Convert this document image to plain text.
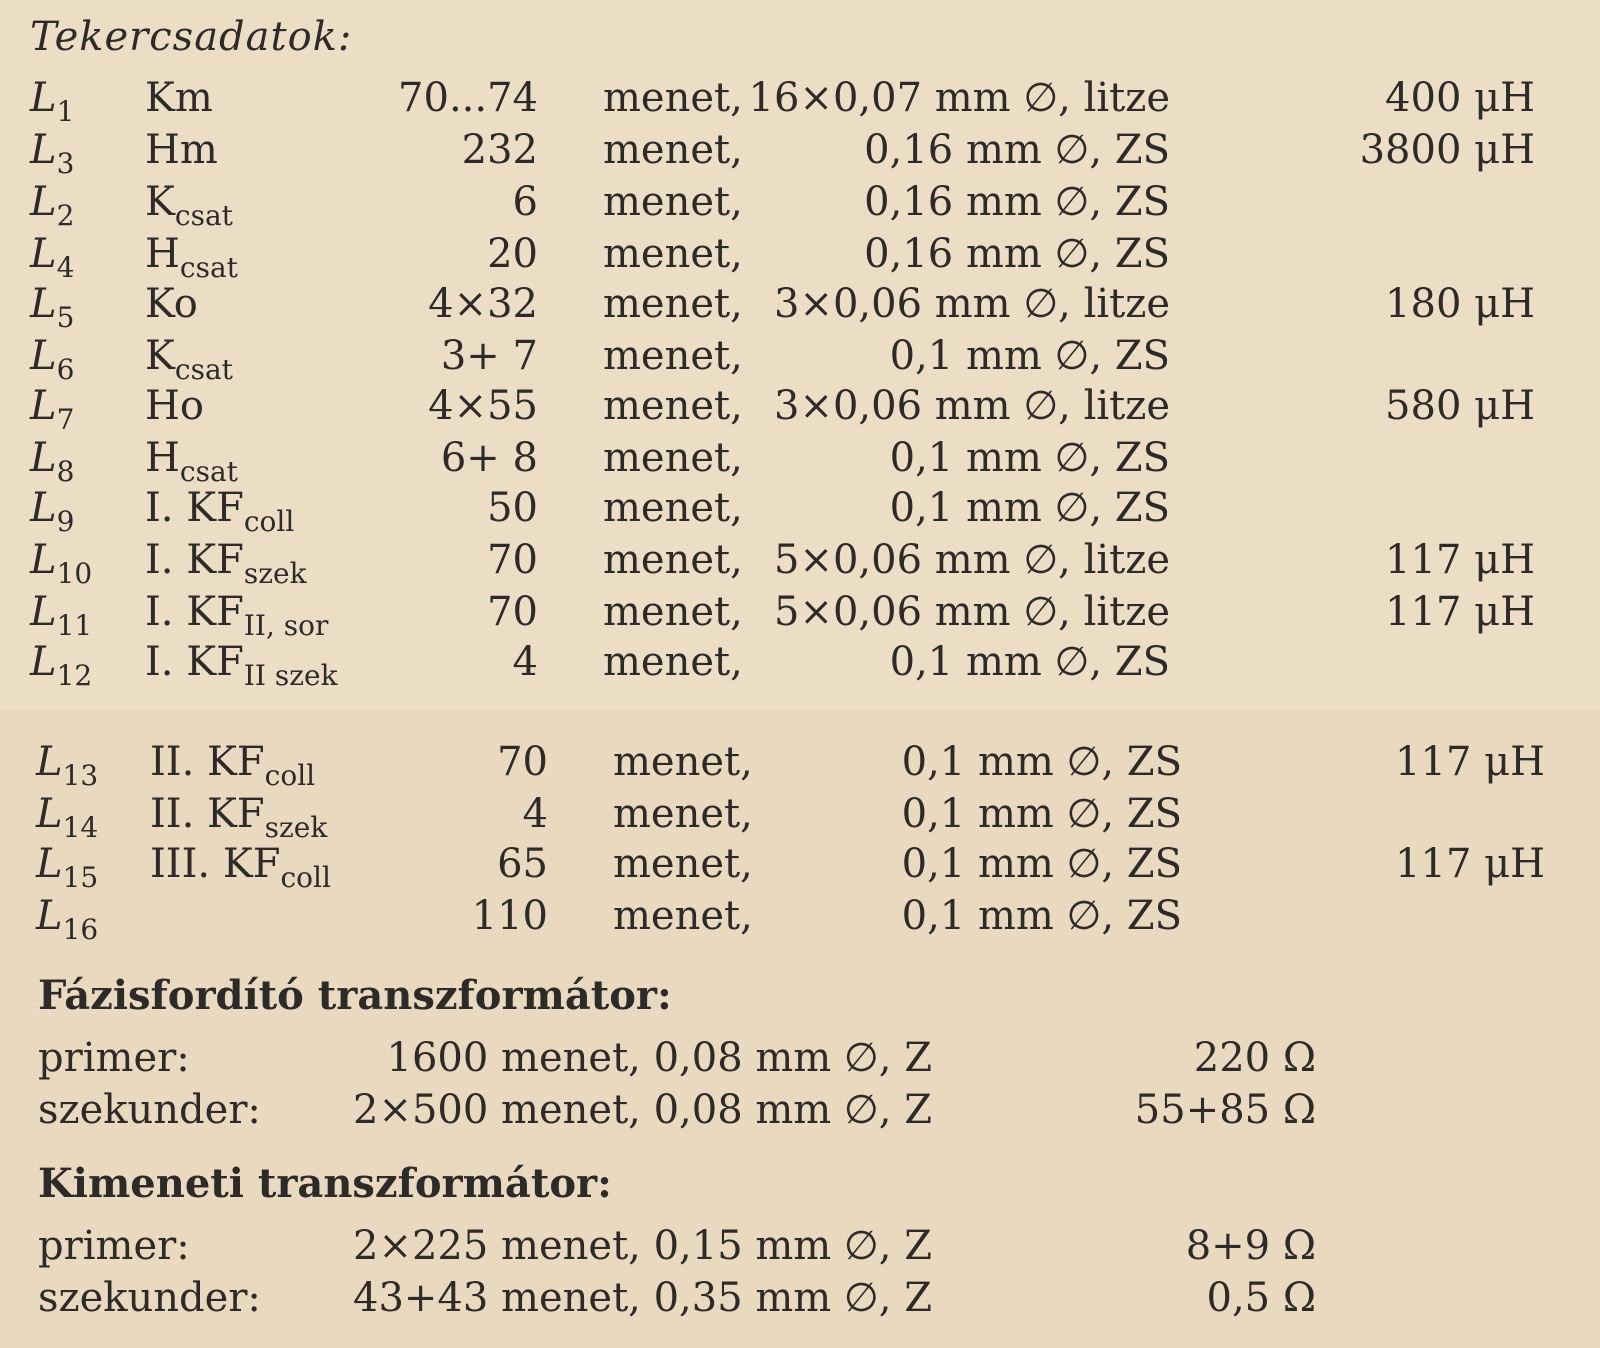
Tekercsadatok:
$L_1$ Km	70...74 menet, 16×0,07 mm ∅, litze	400 μH
$L_3$ Hm	232 menet,	0,16 mm ∅, ZS	3800 μH
$L_2$ $K_{csat}$	6 menet,	0,16 mm ∅, ZS
$L_4$ $H_{csat}$	20 menet,	0,16 mm ∅, ZS
$L_5$ Ko	4×32 menet, 3×0,06 mm ∅, litze	180 μH
$L_6$ $K_{csat}$	3+ 7 menet,	0,1 mm ∅, ZS
$L_7$ Ho	4×55 menet, 3×0,06 mm ∅, litze	580 μH
$L_8$ $H_{csat}$	6+ 8 menet,	0,1 mm ∅, ZS
$L_9$ I. $KF_{coll}$	50 menet,	0,1 mm ∅, ZS
$L_{10}$ I. $KF_{szek}$	70 menet, 5×0,06 mm ∅, litze	117 μH
$L_{11}$ I. $KF_{II, sor}$	70 menet, 5×0,06 mm ∅, litze	117 μH
$L_{12}$ I. $KF_{II szek}$	4 menet,	0,1 mm ∅, ZS
$L_{13}$ II. $KF_{coll}$	70 menet,	0,1 mm ∅, ZS	117 μH
$L_{14}$ II. $KF_{szek}$	4 menet,	0,1 mm ∅, ZS
$L_{15}$ III. $KF_{coll}$	65 menet,	0,1 mm ∅, ZS	117 μH
$L_{16}$	110 menet,	0,1 mm ∅, ZS
Fázisfordító transzformátor:
primer:	1600 menet, 0,08 mm ∅, Z	220 Ω
szekunder: 2×500 menet, 0,08 mm ∅, Z	55+85 Ω
Kimeneti transzformátor:
primer:	2×225 menet, 0,15 mm ∅, Z	8+9 Ω
szekunder: 43+43 menet, 0,35 mm ∅, Z	0,5 Ω
